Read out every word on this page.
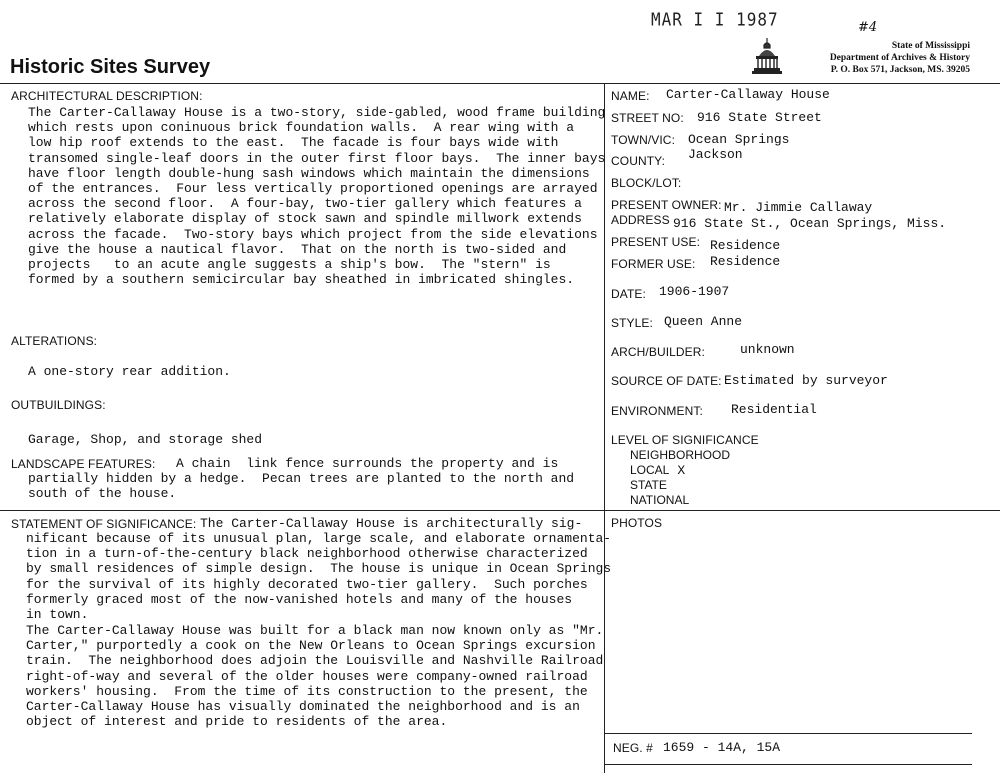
MAR I I 1987	#4
State of Mississippi
Department of Archives & History
P. O. Box 571, Jackson, MS. 39205
Historic Sites Survey
ARCHITECTURAL DESCRIPTION:
The Carter-Callaway House is a two-story, side-gabled, wood frame building
which rests upon coninuous brick foundation walls.  A rear wing with a
low hip roof extends to the east.  The facade is four bays wide with
transomed single-leaf doors in the outer first floor bays.  The inner bays
have floor length double-hung sash windows which maintain the dimensions
of the entrances.  Four less vertically proportioned openings are arrayed
across the second floor.  A four-bay, two-tier gallery which features a
relatively elaborate display of stock sawn and spindle millwork extends
across the facade.  Two-story bays which project from the side elevations
give the house a nautical flavor.  That on the north is two-sided and
projects   to an acute angle suggests a ship's bow.  The "stern" is
formed by a southern semicircular bay sheathed in imbricated shingles.
ALTERATIONS:
A one-story rear addition.
OUTBUILDINGS:
Garage, Shop, and storage shed
LANDSCAPE FEATURES: A chain  link fence surrounds the property and is
partially hidden by a hedge.  Pecan trees are planted to the north and
south of the house.
STATEMENT OF SIGNIFICANCE: The Carter-Callaway House is architecturally sig-
nificant because of its unusual plan, large scale, and elaborate ornamenta-
tion in a turn-of-the-century black neighborhood otherwise characterized
by small residences of simple design.  The house is unique in Ocean Springs
for the survival of its highly decorated two-tier gallery.  Such porches
formerly graced most of the now-vanished hotels and many of the houses
in town.
The Carter-Callaway House was built for a black man now known only as "Mr.
Carter," purportedly a cook on the New Orleans to Ocean Springs excursion
train.  The neighborhood does adjoin the Louisville and Nashville Railroad
right-of-way and several of the older houses were company-owned railroad
workers' housing.  From the time of its construction to the present, the
Carter-Callaway House has visually dominated the neighborhood and is an
object of interest and pride to residents of the area.
NAME: Carter-Callaway House
STREET NO: 916 State Street
TOWN/VIC: Ocean Springs
COUNTY: Jackson
BLOCK/LOT:
PRESENT OWNER: Mr. Jimmie Callaway
ADDRESS 916 State St., Ocean Springs, Miss.
PRESENT USE: Residence
FORMER USE: Residence
DATE: 1906-1907
STYLE: Queen Anne
ARCH/BUILDER:	unknown
SOURCE OF DATE: Estimated by surveyor
ENVIRONMENT: Residential
LEVEL OF SIGNIFICANCE
NEIGHBORHOOD
LOCAL X
STATE
NATIONAL
PHOTOS
NEG. # 1659 - 14A, 15A
